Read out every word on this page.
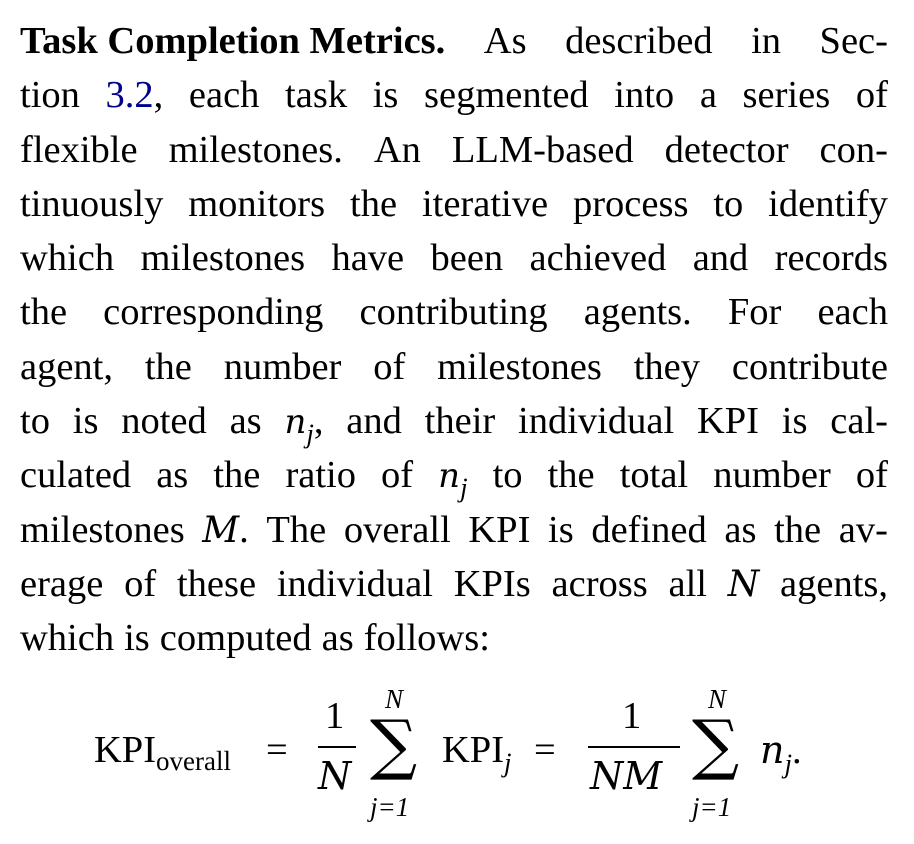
Task Completion Metrics. As described in Sec-
tion 3.2, each task is segmented into a series of
flexible milestones. An LLM-based detector con-
tinuously monitors the iterative process to identify
which milestones have been achieved and records
the corresponding contributing agents. For each
agent, the number of milestones they contribute
to is noted as $n_j$, and their individual KPI is cal-
culated as the ratio of $n_j$ to the total number of
milestones M. The overall KPI is defined as the av-
erage of these individual KPIs across all N agents,
which is computed as follows:
$KPI_{overall}$ =
1
N
N
∑
j=1
$KPI_j$ =
1
NM
N
∑
j=1
$n_j$.
